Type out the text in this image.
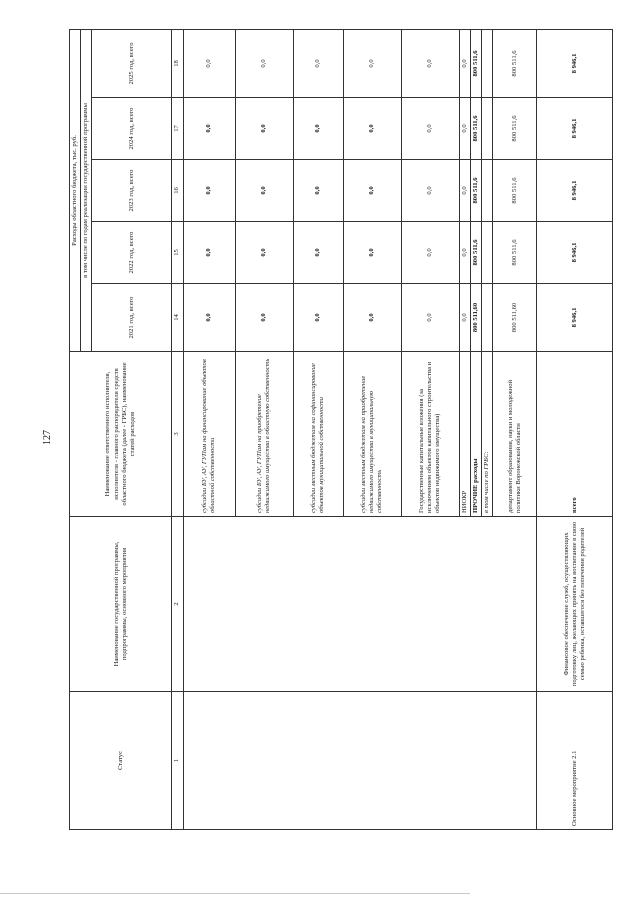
127
Статус	Наименование государственной программы, подпрограммы, основного мероприятия	Наименование ответственного исполнителя, исполнителя - главного распорядителя средств областного бюджета (далее - ГРБС), наименование статей расходов	Расходы областного бюджета, тыс. руб.				
			в том числе по годам реализации государственной программы				
			2021 год, всего	2022 год, всего	2023 год, всего	2024 год, всего	2025 год, всего
1	2	3	14	15	16	17	18
		субсидии БУ, АУ, ГУПам на финансирование объектов областной собственности	0,0	0,0	0,0	0,0	0,0
		субсидии БУ, АУ, ГУПам на приобретение недвижимого имущества в областную собственность	0,0	0,0	0,0	0,0	0,0
		субсидии местным бюджетам на софинансирование объектов муниципальной собственности	0,0	0,0	0,0	0,0	0,0
		субсидии местным бюджетам на приобретение недвижимого имущества в муниципальную собственность	0,0	0,0	0,0	0,0	0,0
		Государственные капитальные вложения (за исключением объектов капитального строительства и объектов недвижимого имущества)	0,0	0,0	0,0	0,0	0,0
		НИОКР	0,0	0,0	0,0	0,0	0,0
		ПРОЧИЕ расходы	800 511,60	800 511,6	800 511,6	800 511,6	800 511,6
		в том числе по ГРБС:					
		департамент образования, науки и молодежной политики Воронежской области	800 511,60	800 511,6	800 511,6	800 511,6	800 511,6
Основное мероприятие 2.1	Финансовое обеспечение служб, осуществляющих подготовку лиц, желающих принять на воспитание в свою семью ребенка, оставшегося без попечения родителей	всего	8 946,1	8 946,1	8 946,1	8 946,1	8 946,1
